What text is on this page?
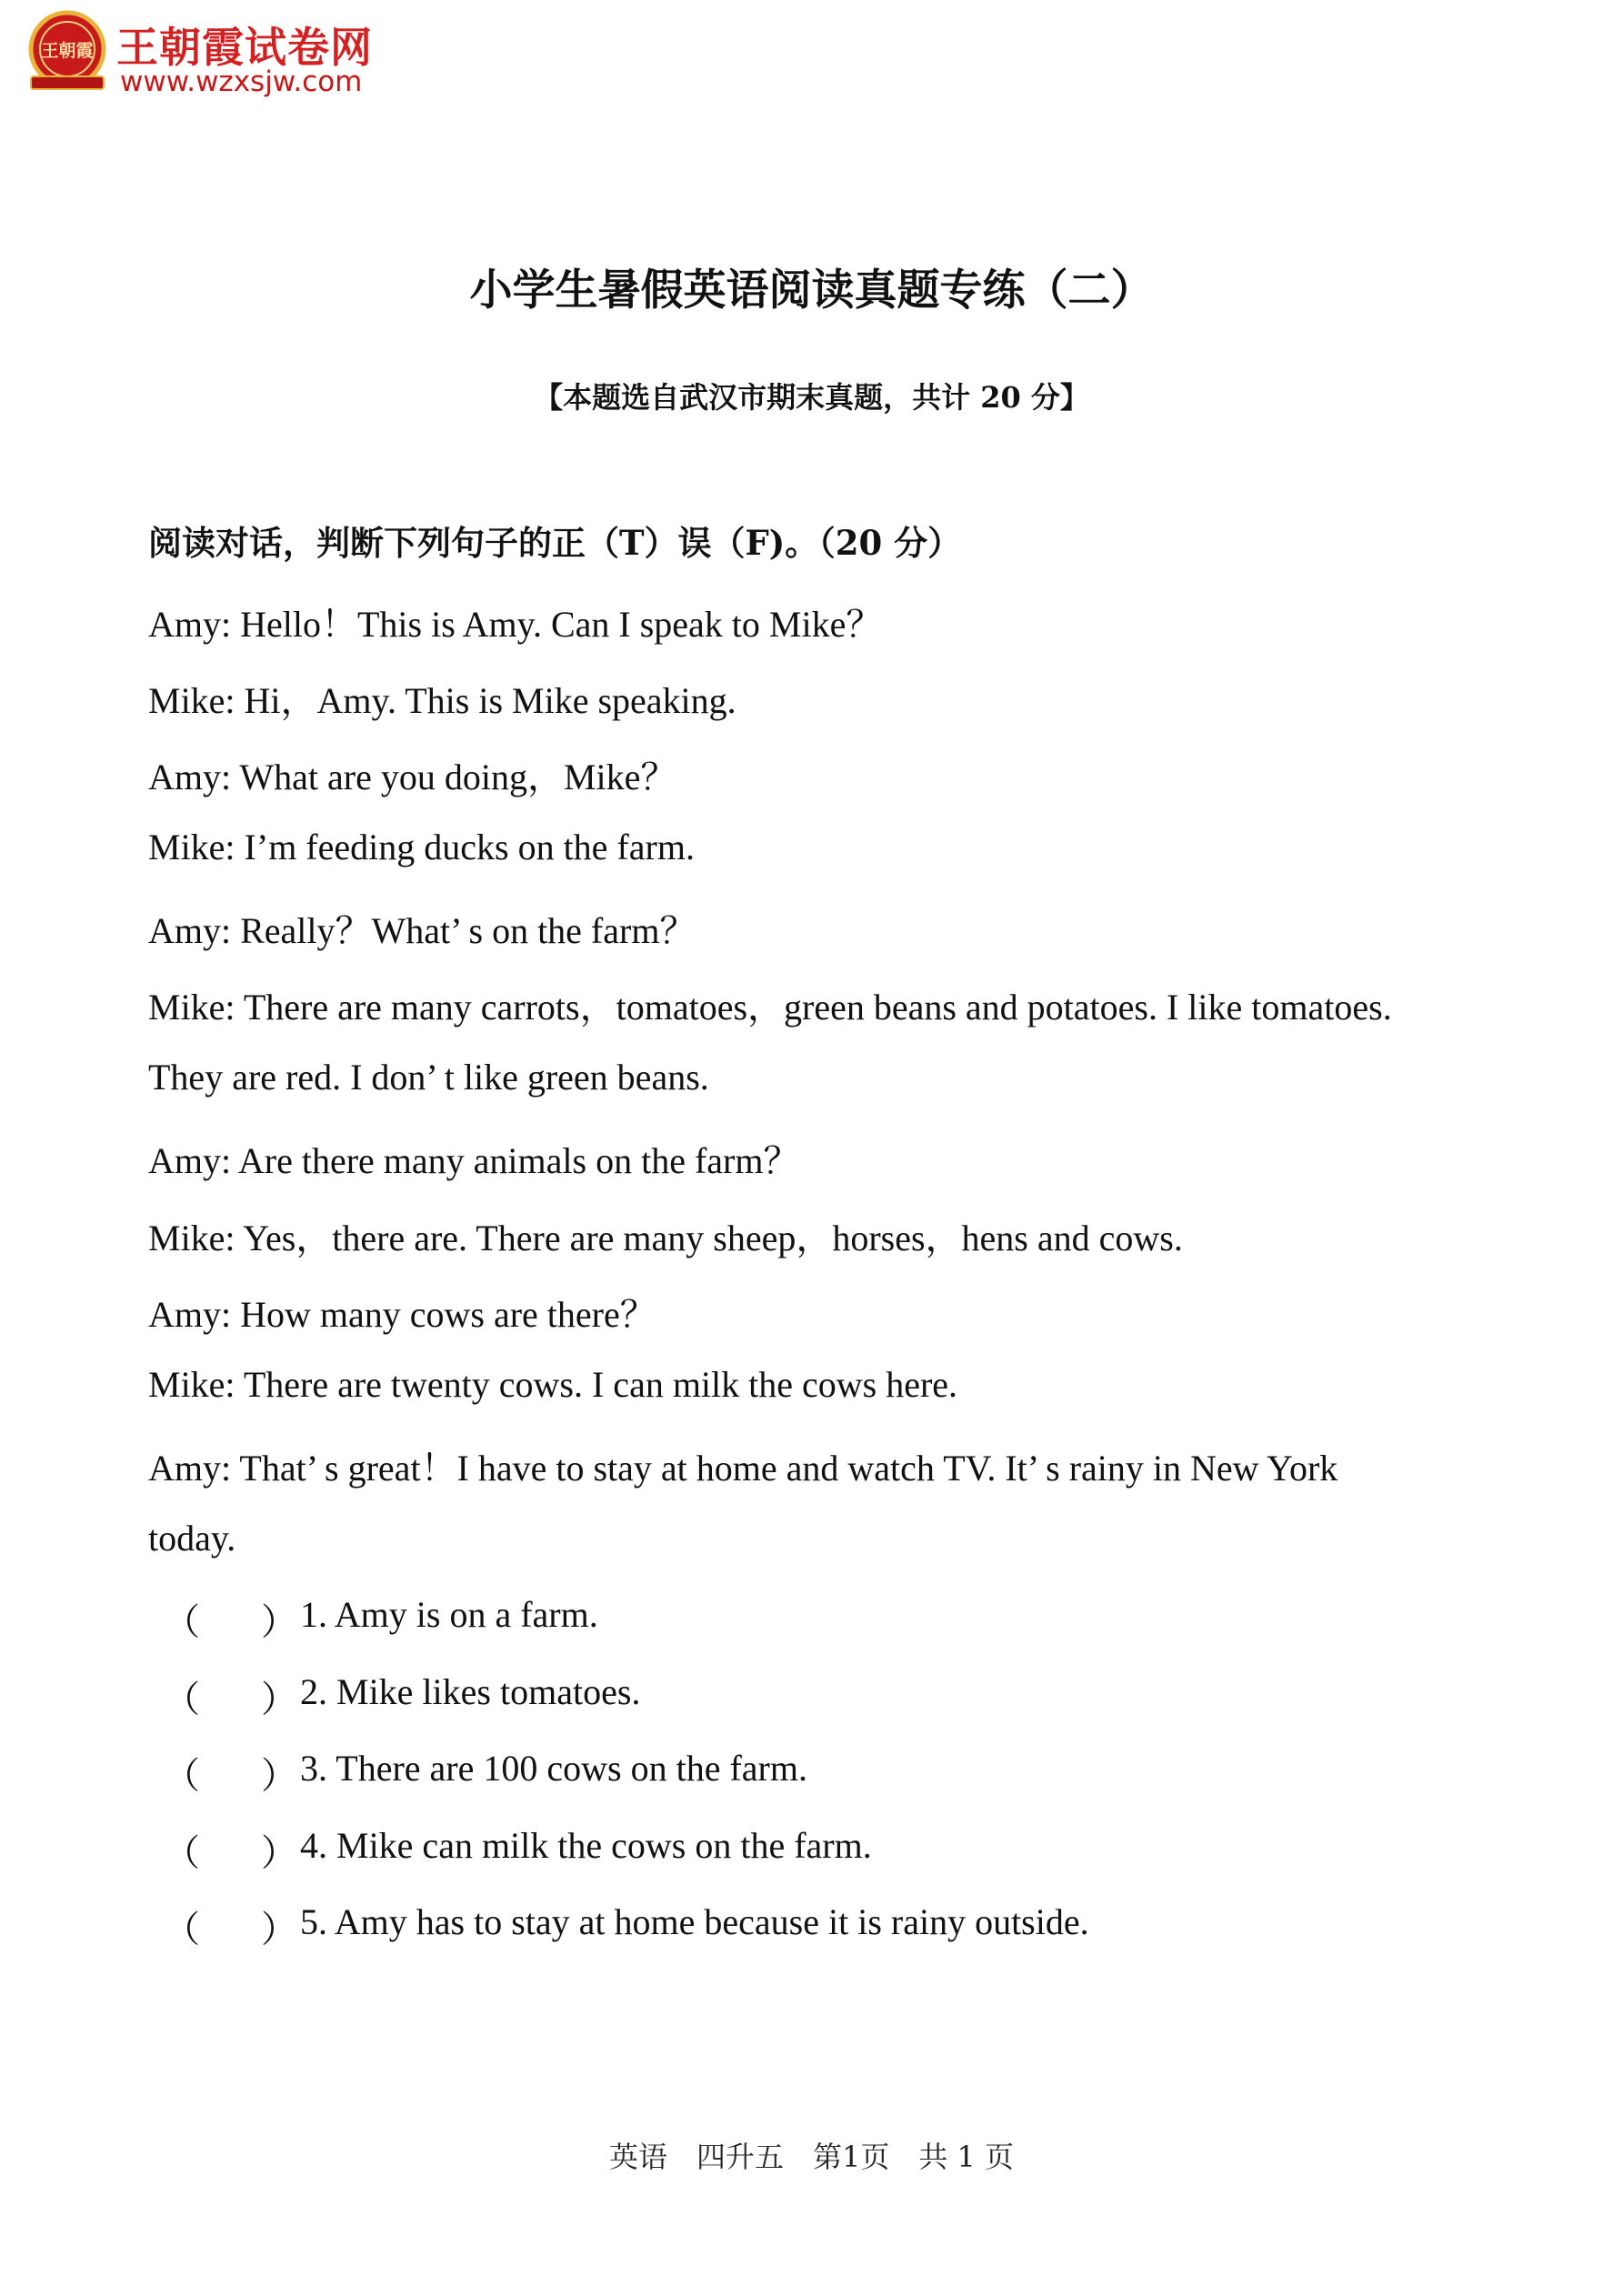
王朝霞 王朝霞试卷网
www.wzxsjw.com
小学生暑假英语阅读真题专练（二）
【本题选自武汉市期末真题，共计 20 分】
阅读对话，判断下列句子的正（T）误（F)。（20 分）
Amy: Hello！This is Amy. Can I speak to Mike？
Mike: Hi，Amy. This is Mike speaking.
Amy: What are you doing，Mike？
Mike: I’m feeding ducks on the farm.
Amy: Really？What’ s on the farm？
Mike: There are many carrots，tomatoes，green beans and potatoes. I like tomatoes.
They are red. I don’ t like green beans.
Amy: Are there many animals on the farm？
Mike: Yes，there are. There are many sheep，horses，hens and cows.
Amy: How many cows are there？
Mike: There are twenty cows. I can milk the cows here.
Amy: That’ s great！I have to stay at home and watch TV. It’ s rainy in New York
today.
（ ） 1. Amy is on a farm.
（ ） 2. Mike likes tomatoes.
（ ） 3. There are 100 cows on the farm.
（ ） 4. Mike can milk the cows on the farm.
（ ） 5. Amy has to stay at home because it is rainy outside.
英语　四升五　第1页　共 1 页
